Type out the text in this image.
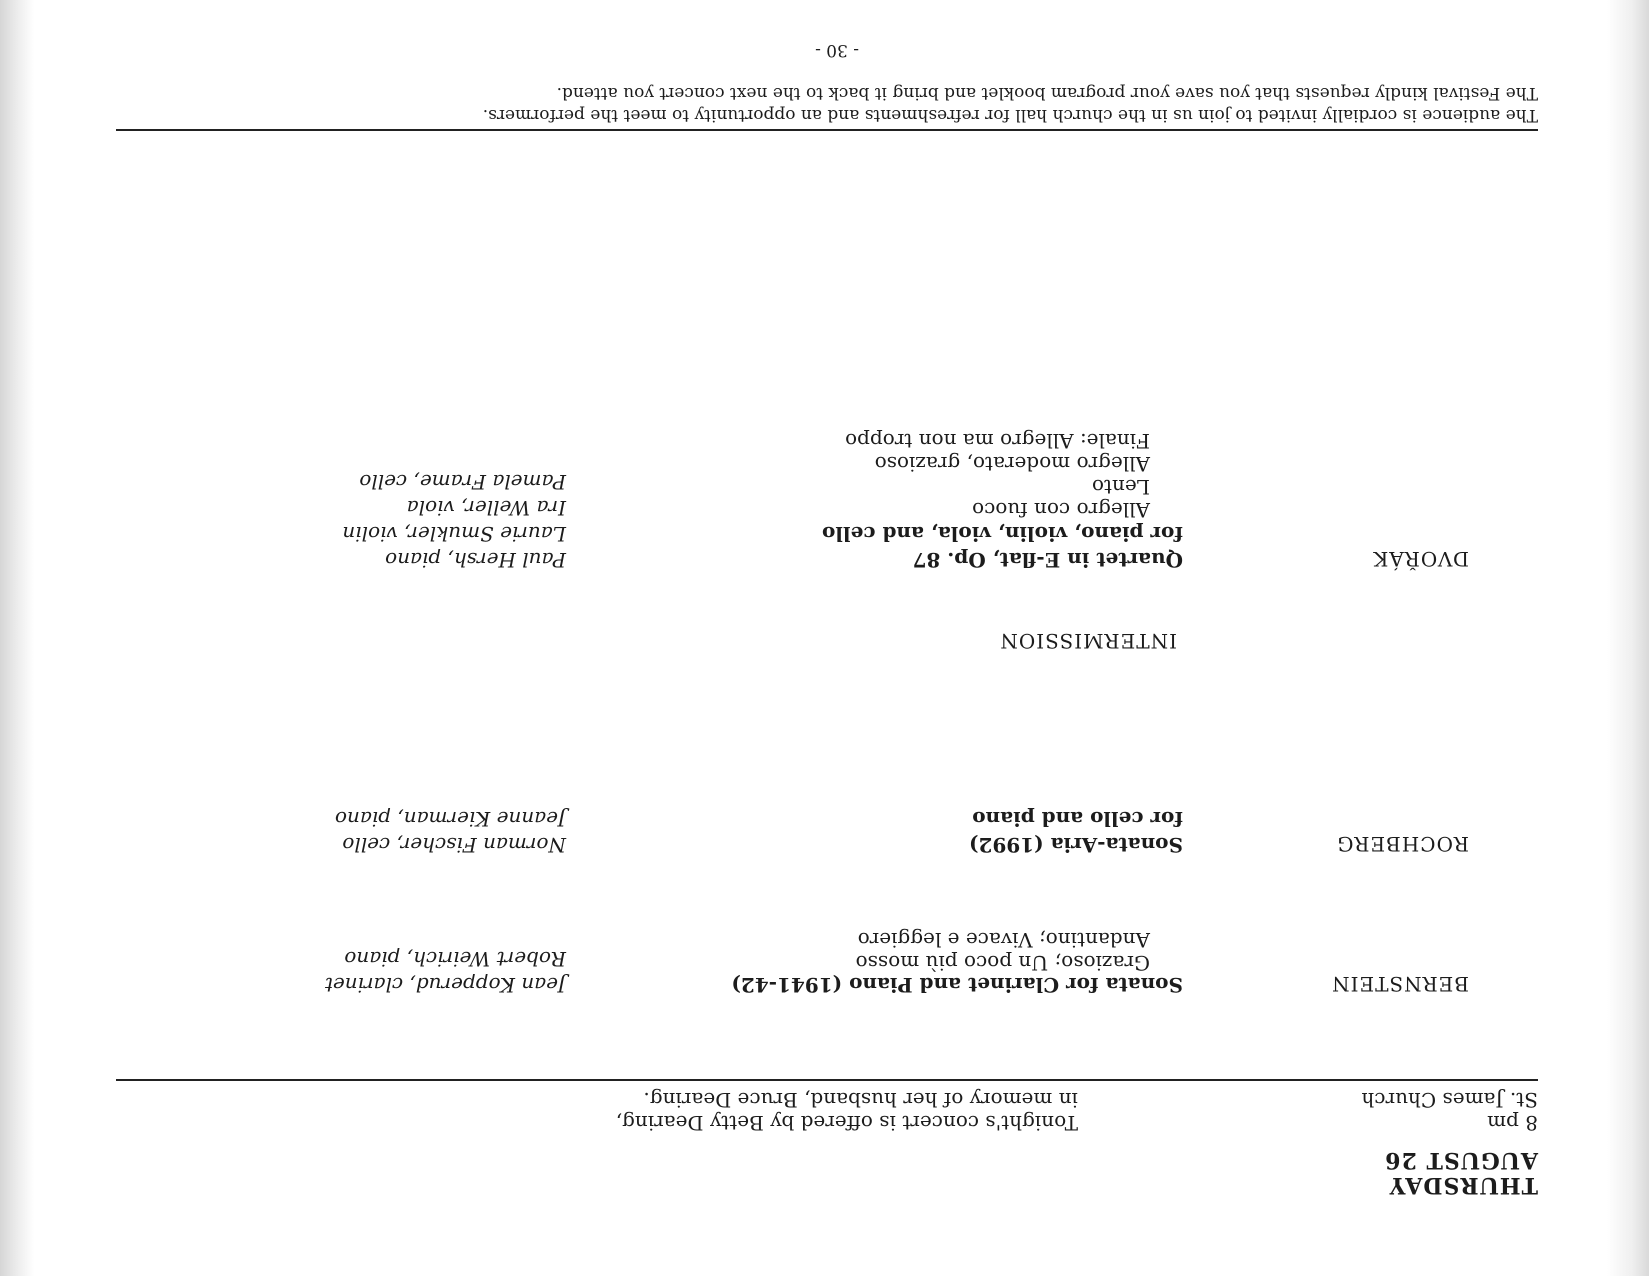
THURSDAY
AUGUST 26
8 pm
St. James Church
Tonight's concert is offered by Betty Dearing,
in memory of her husband, Bruce Dearing.
BERNSTEIN
Sonata for Clarinet and Piano (1941-42)
Grazioso; Un poco più mosso
Andantino; Vivace e leggiero
Jean Kopperud, clarinet
Robert Weirich, piano
ROCHBERG
Sonata-Aria (1992)
for cello and piano
Norman Fischer, cello
Jeanne Kierman, piano
INTERMISSION
DVOŘÁK
Quartet in E-flat, Op. 87
for piano, violin, viola, and cello
Allegro con fuoco
Lento
Allegro moderato, grazioso
Finale: Allegro ma non troppo
Paul Hersh, piano
Laurie Smukler, violin
Ira Weller, viola
Pamela Frame, cello
The audience is cordially invited to join us in the church hall for refreshments and an opportunity to meet the performers.
The Festival kindly requests that you save your program booklet and bring it back to the next concert you attend.
- 30 -
